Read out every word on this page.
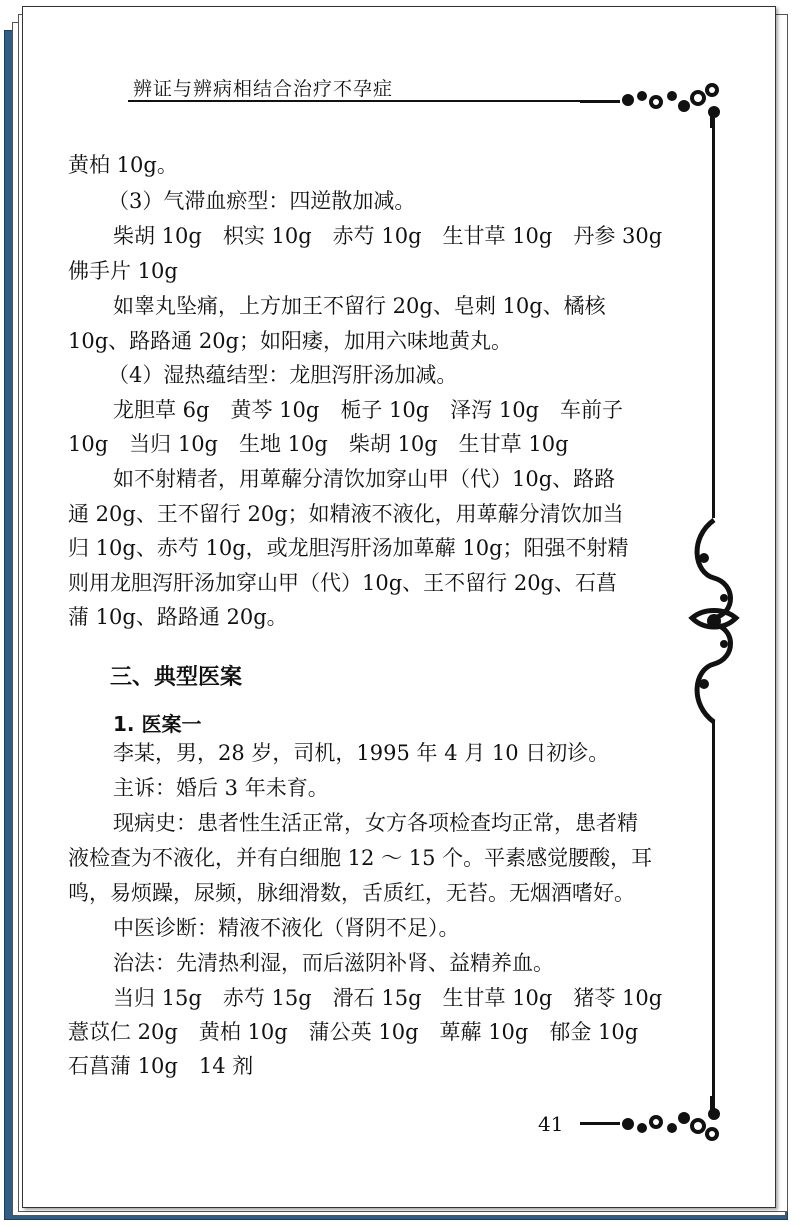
辨证与辨病相结合治疗不孕症
黄柏 10g。
（3）气滞血瘀型：四逆散加减。
柴胡 10g　枳实 10g　赤芍 10g　生甘草 10g　丹参 30g
佛手片 10g
如睾丸坠痛，上方加王不留行 20g、皂刺 10g、橘核
10g、路路通 20g；如阳痿，加用六味地黄丸。
（4）湿热蕴结型：龙胆泻肝汤加减。
龙胆草 6g　黄芩 10g　栀子 10g　泽泻 10g　车前子
10g　当归 10g　生地 10g　柴胡 10g　生甘草 10g
如不射精者，用萆薢分清饮加穿山甲（代）10g、路路
通 20g、王不留行 20g；如精液不液化，用萆薢分清饮加当
归 10g、赤芍 10g，或龙胆泻肝汤加萆薢 10g；阳强不射精
则用龙胆泻肝汤加穿山甲（代）10g、王不留行 20g、石菖
蒲 10g、路路通 20g。
三、典型医案
1. 医案一
李某，男，28 岁，司机，1995 年 4 月 10 日初诊。
主诉：婚后 3 年未育。
现病史：患者性生活正常，女方各项检查均正常，患者精
液检查为不液化，并有白细胞 12 ～ 15 个。平素感觉腰酸，耳
鸣，易烦躁，尿频，脉细滑数，舌质红，无苔。无烟酒嗜好。
中医诊断：精液不液化（肾阴不足）。
治法：先清热利湿，而后滋阴补肾、益精养血。
当归 15g　赤芍 15g　滑石 15g　生甘草 10g　猪苓 10g
薏苡仁 20g　黄柏 10g　蒲公英 10g　萆薢 10g　郁金 10g
石菖蒲 10g　14 剂
41
